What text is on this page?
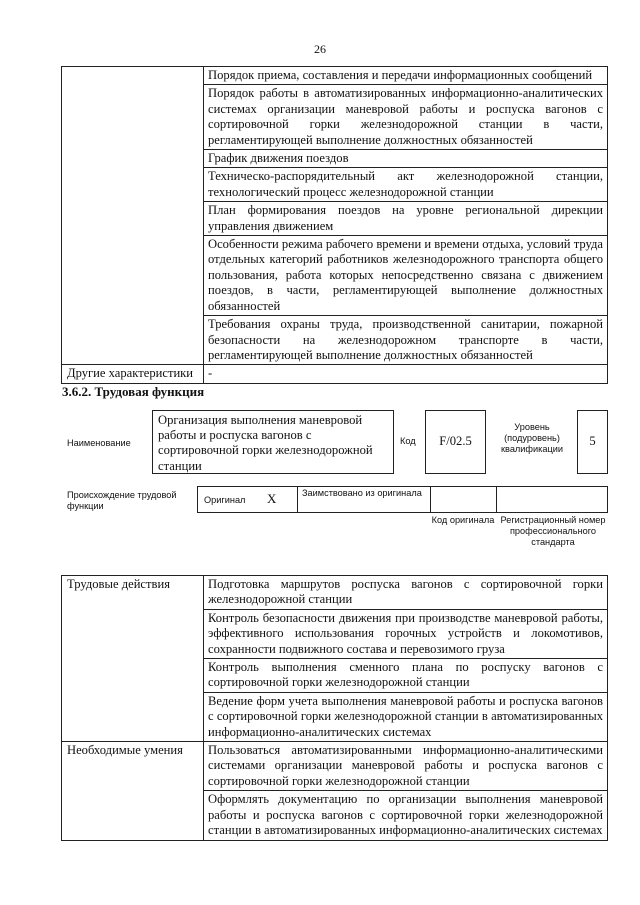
26
	Порядок приема, составления и передачи информационных сообщений
	Порядок работы в автоматизированных информационно-аналитических системах организации маневровой работы и роспуска вагонов с сортировочной горки железнодорожной станции в части, регламентирующей выполнение должностных обязанностей
	График движения поездов
	Техническо-распорядительный акт железнодорожной станции, технологический процесс железнодорожной станции
	План формирования поездов на уровне региональной дирекции управления движением
	Особенности режима рабочего времени и времени отдыха, условий труда отдельных категорий работников железнодорожного транспорта общего пользования, работа которых непосредственно связана с движением поездов, в части, регламентирующей выполнение должностных обязанностей
	Требования охраны труда, производственной санитарии, пожарной безопасности на железнодорожном транспорте в части, регламентирующей выполнение должностных обязанностей
Другие характеристики	-
3.6.2. Трудовая функция
Наименование
Организация выполнения маневровой работы и роспуска вагонов с сортировочной горки железнодорожной станции
Код	F/02.5
Уровень (подуровень) квалификации
5
Происхождение трудовой функции
Оригинал X	Заимствовано из оригинала
Код оригинала Регистрационный номер профессионального стандарта
Трудовые действия	Подготовка маршрутов роспуска вагонов с сортировочной горки железнодорожной станции
	Контроль безопасности движения при производстве маневровой работы, эффективного использования горочных устройств и локомотивов, сохранности подвижного состава и перевозимого груза
	Контроль выполнения сменного плана по роспуску вагонов с сортировочной горки железнодорожной станции
	Ведение форм учета выполнения маневровой работы и роспуска вагонов с сортировочной горки железнодорожной станции в автоматизированных информационно-аналитических системах
Необходимые умения	Пользоваться автоматизированными информационно-аналитическими системами организации маневровой работы и роспуска вагонов с сортировочной горки железнодорожной станции
	Оформлять документацию по организации выполнения маневровой работы и роспуска вагонов с сортировочной горки железнодорожной станции в автоматизированных информационно-аналитических системах
